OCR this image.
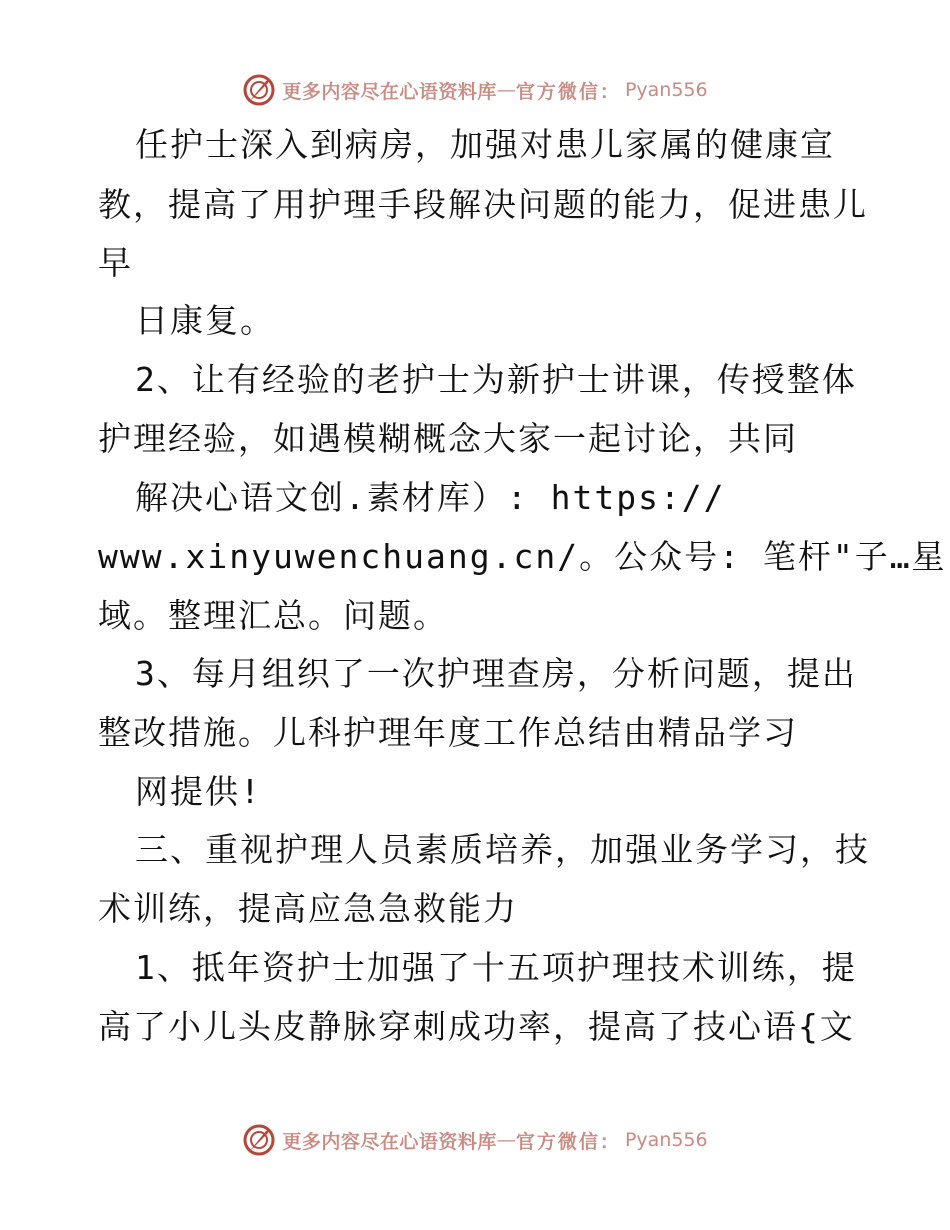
更多内容尽在心语资料库 — 官方微信： Pyan556

任护士深入到病房，加强对患儿家属的健康宣

教，提高了用护理手段解决问题的能力，促进患儿

早

日康复。

2、让有经验的老护士为新护士讲课，传授整体

护理经验，如遇模糊概念大家一起讨论，共同

解决心语文创.素材库）: https://

www.xinyuwenchuang.cn/。公众号: 笔杆"子…星

域。整理汇总。问题。

3、每月组织了一次护理查房，分析问题，提出

整改措施。儿科护理年度工作总结由精品学习

网提供!

三、重视护理人员素质培养，加强业务学习，技

术训练，提高应急急救能力

1、抵年资护士加强了十五项护理技术训练，提

高了小儿头皮静脉穿刺成功率，提高了技心语{文

更多内容尽在心语资料库 — 官方微信： Pyan556
